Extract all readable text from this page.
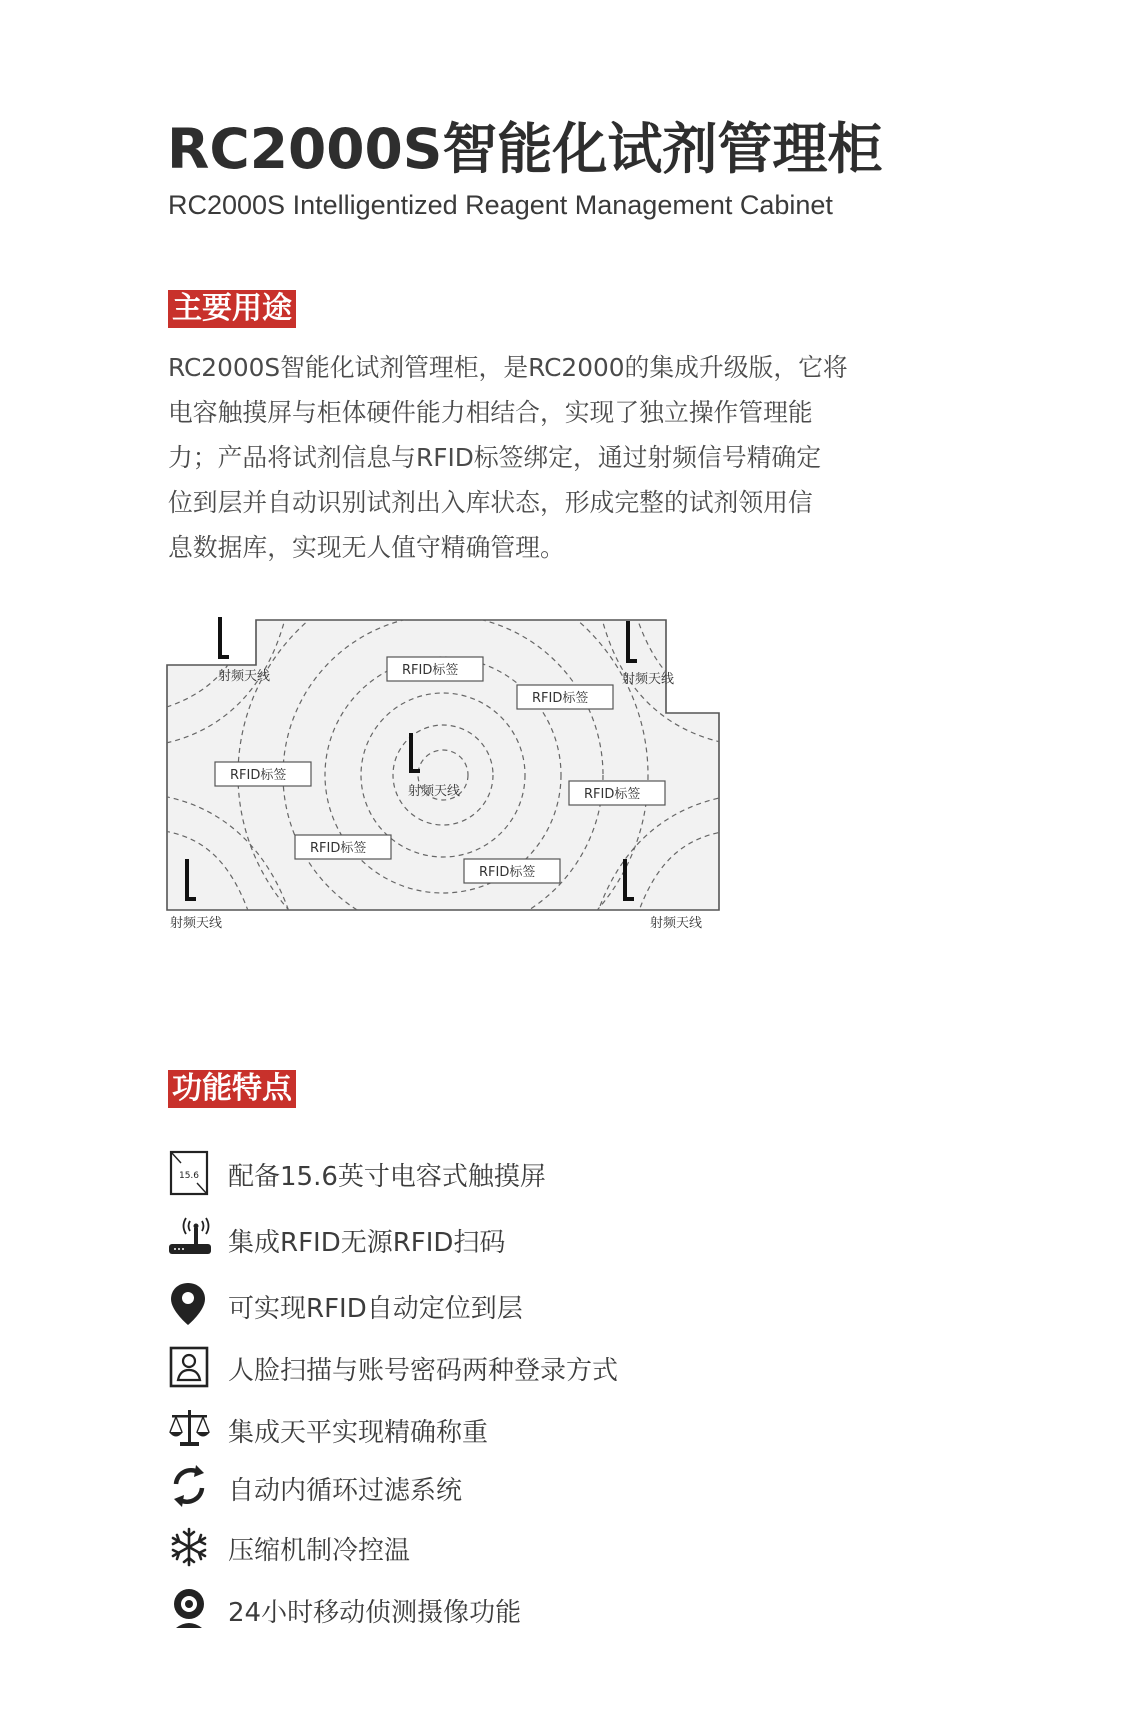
RC2000S智能化试剂管理柜

RC2000S Intelligentized Reagent Management Cabinet

主要用途
RC2000S智能化试剂管理柜，是RC2000的集成升级版，它将
电容触摸屏与柜体硬件能力相结合，实现了独立操作管理能
力；产品将试剂信息与RFID标签绑定，通过射频信号精确定
位到层并自动识别试剂出入库状态，形成完整的试剂领用信
息数据库，实现无人值守精确管理。
射频天线	射频天线
射频天线
射频天线	射频天线
RFID标签
RFID标签
RFID标签
RFID标签
RFID标签
RFID标签
功能特点
15.6 配备15.6英寸电容式触摸屏
集成RFID无源RFID扫码
可实现RFID自动定位到层
人脸扫描与账号密码两种登录方式
集成天平实现精确称重
自动内循环过滤系统
压缩机制冷控温
24小时移动侦测摄像功能
